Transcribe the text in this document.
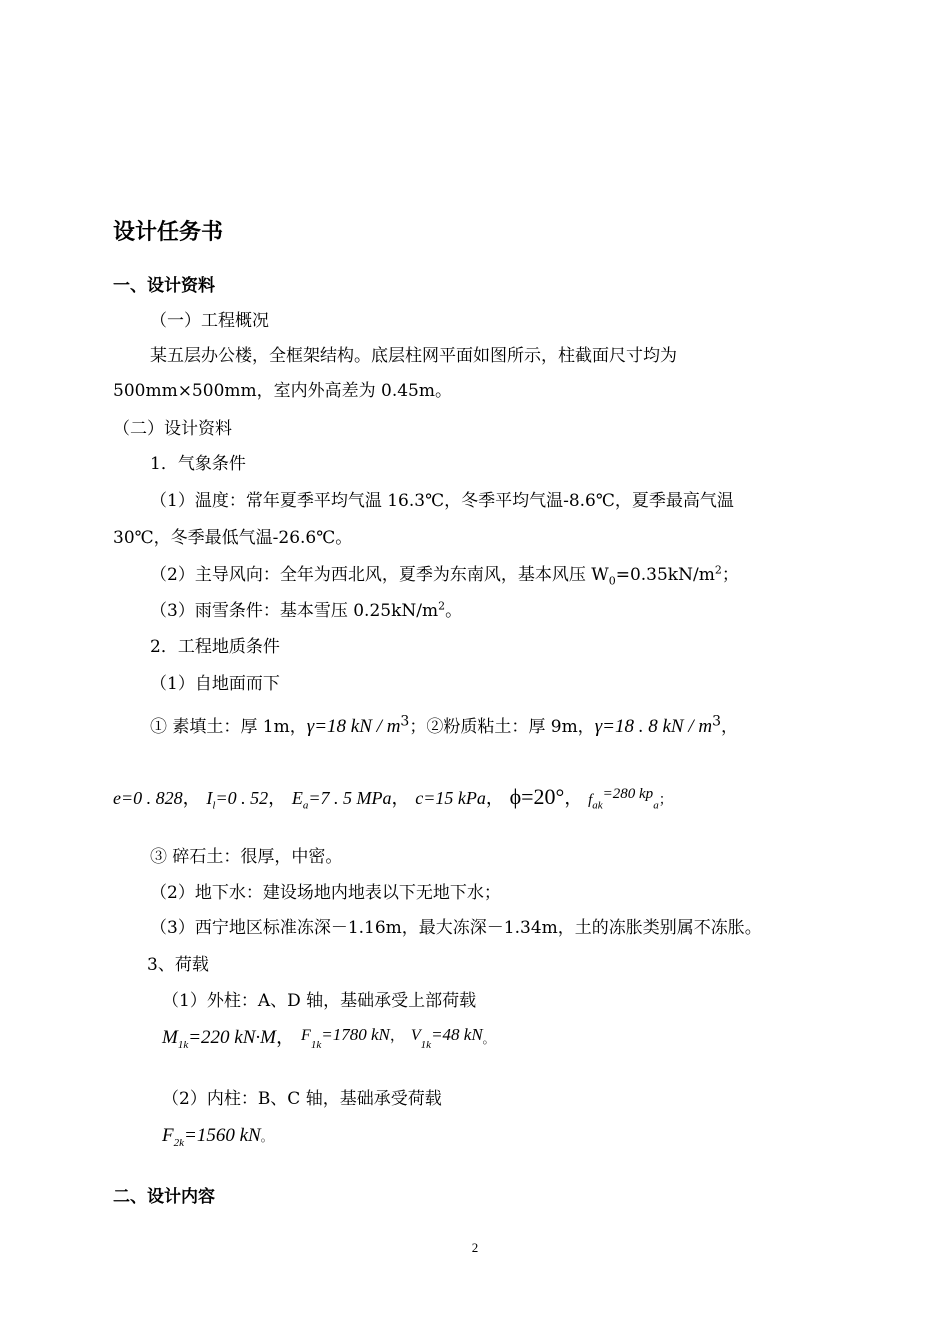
设计任务书
一、设计资料
（一）工程概况
某五层办公楼，全框架结构。底层柱网平面如图所示，柱截面尺寸均为
500mm×500mm，室内外高差为 0.45m。
（二）设计资料
1．气象条件
（1）温度：常年夏季平均气温 16.3℃，冬季平均气温-8.6℃，夏季最高气温
30℃，冬季最低气温-26.6℃。
（2）主导风向：全年为西北风，夏季为东南风，基本风压 $W_0=0.35kN/m^2$；
（3）雨雪条件：基本雪压 $0.25kN/m^2$。
2．工程地质条件
（1）自地面而下
① 素填土：厚 1m，γ=18 kN / $m^3$；②粉质粘土：厚 9m，γ=18 . 8 kN / $m^3$，
e=0 . 828， $I_l=0$ . 52， $E_a=7$ . 5 MPa， c=15 kPa， ϕ=20°， $f_{ak}^{=280 kp}_a$；
③ 碎石土：很厚，中密。
（2）地下水：建设场地内地表以下无地下水；
（3）西宁地区标准冻深－1.16m，最大冻深－1.34m，土的冻胀类别属不冻胀。
3、荷载
（1）外柱：A、D 轴，基础承受上部荷载
$M_{1k}=220$ kN·M， $F_{1k}=1780$ kN， $V_{1k}=48$ kN。
（2）内柱：B、C 轴，基础承受荷载
$F_{2k}=1560$ kN。
二、设计内容
2
